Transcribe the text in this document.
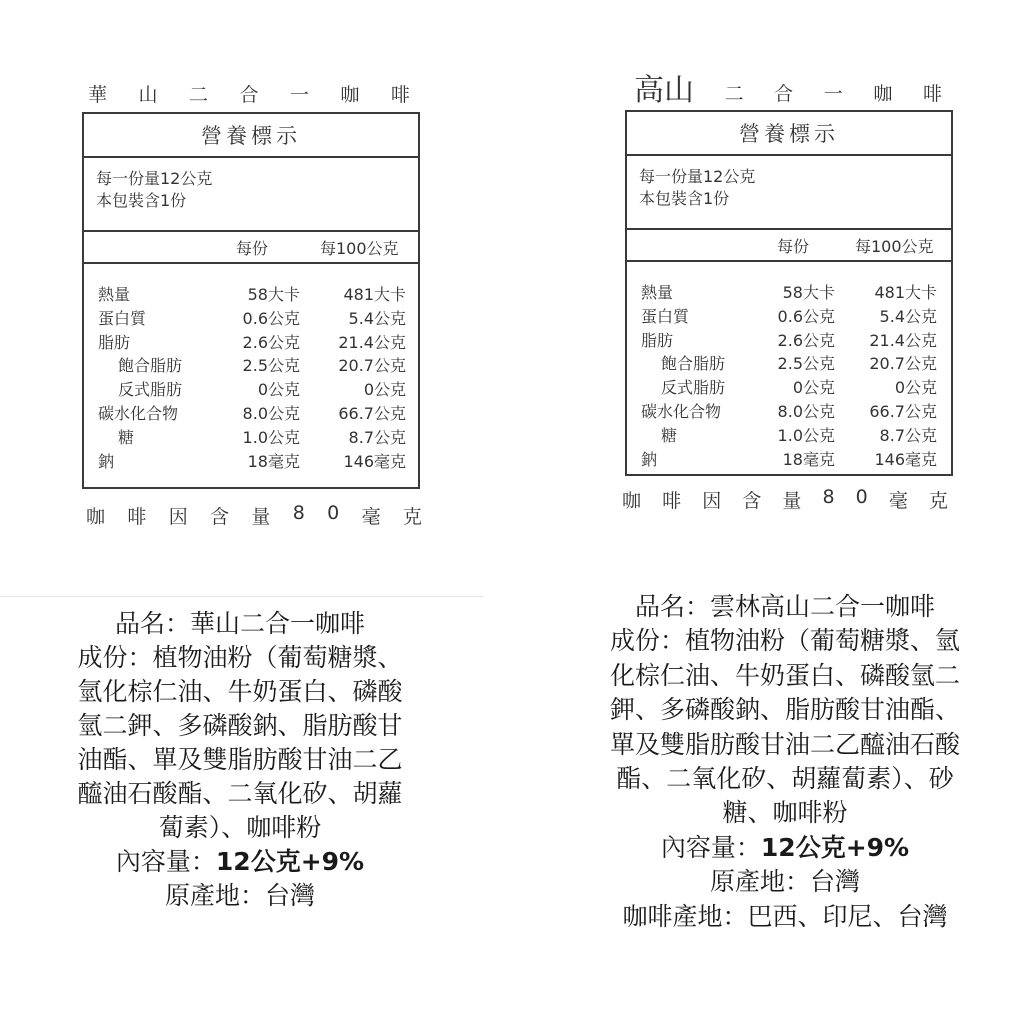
華 山 二 合 一 咖 啡
營養標示
每一份量12公克
本包裝含1份
每份	每100公克
熱量	58大卡	481大卡
蛋白質	0.6公克	5.4公克
脂肪	2.6公克	21.4公克
飽合脂肪	2.5公克	20.7公克
反式脂肪	0公克	0公克
碳水化合物	8.0公克	66.7公克
糖	1.0公克	8.7公克
鈉	18毫克	146毫克
咖 啡 因 含 量 8 0 毫 克
品名：華山二合一咖啡
成份：植物油粉（葡萄糖漿、
氫化棕仁油、牛奶蛋白、磷酸
氫二鉀、多磷酸鈉、脂肪酸甘
油酯、單及雙脂肪酸甘油二乙
醯油石酸酯、二氧化矽、胡蘿
蔔素）、咖啡粉
內容量：12公克+9%
原產地：台灣
高 山 二 合 一 咖 啡
營養標示
每一份量12公克
本包裝含1份
每份	每100公克
熱量	58大卡	481大卡
蛋白質	0.6公克	5.4公克
脂肪	2.6公克	21.4公克
飽合脂肪	2.5公克	20.7公克
反式脂肪	0公克	0公克
碳水化合物	8.0公克	66.7公克
糖	1.0公克	8.7公克
鈉	18毫克	146毫克
咖 啡 因 含 量 8 0 毫 克
品名：雲林高山二合一咖啡
成份：植物油粉（葡萄糖漿、氫
化棕仁油、牛奶蛋白、磷酸氫二
鉀、多磷酸鈉、脂肪酸甘油酯、
單及雙脂肪酸甘油二乙醯油石酸
酯、二氧化矽、胡蘿蔔素）、砂
糖、咖啡粉
內容量：12公克+9%
原產地：台灣
咖啡產地：巴西、印尼、台灣
